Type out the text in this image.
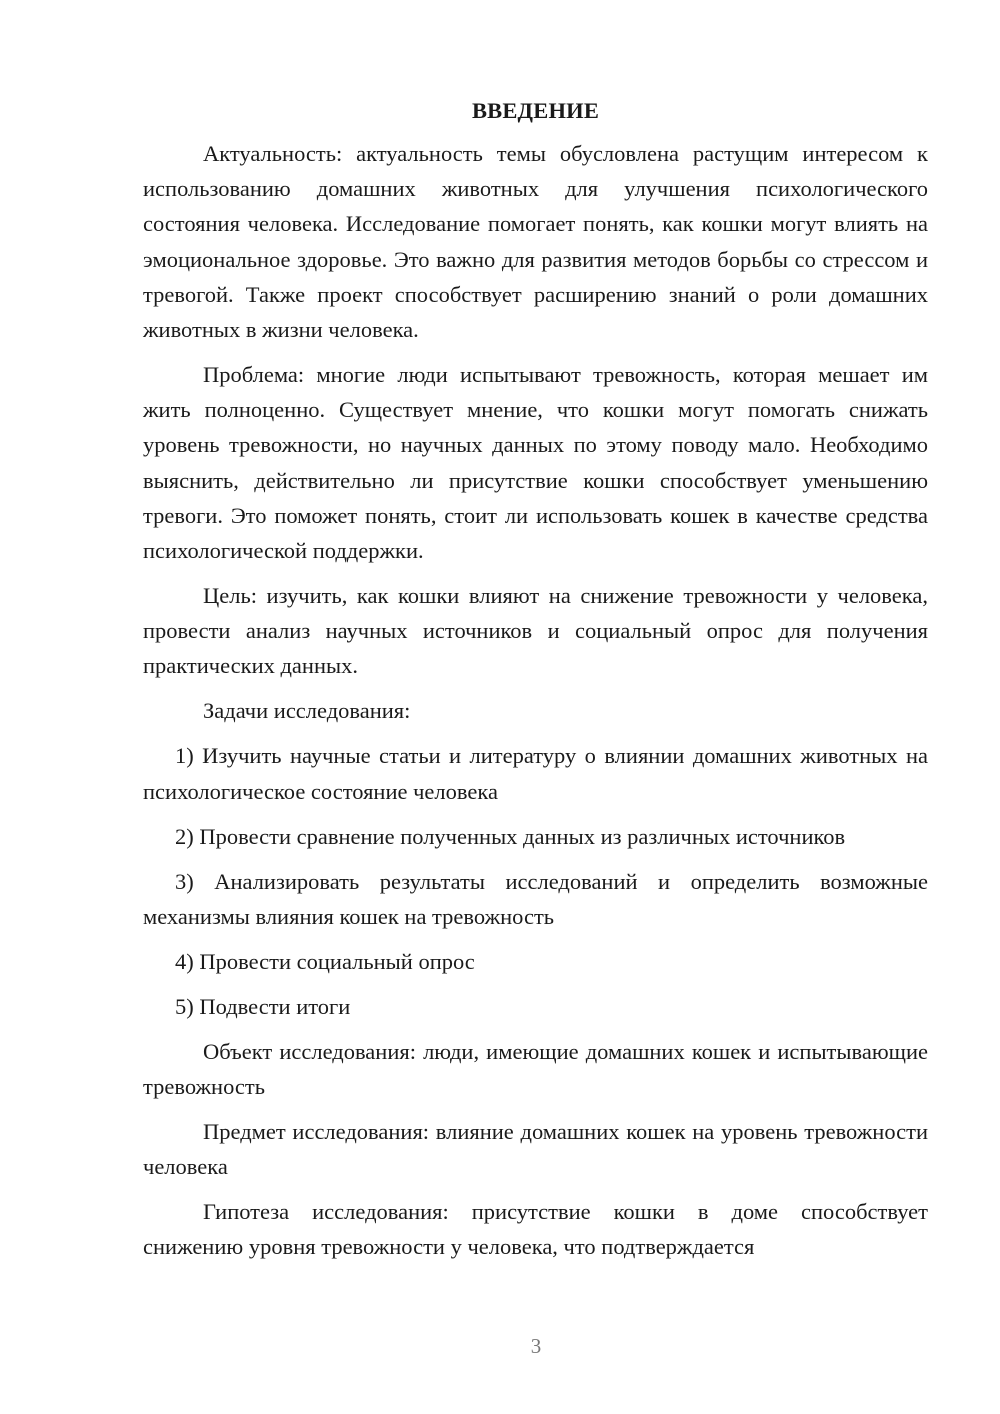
ВВЕДЕНИЕ

Актуальность: актуальность темы обусловлена растущим интересом к использованию домашних животных для улучшения психологического состояния человека. Исследование помогает понять, как кошки могут влиять на эмоциональное здоровье. Это важно для развития методов борьбы со стрессом и тревогой. Также проект способствует расширению знаний о роли домашних животных в жизни человека.

Проблема: многие люди испытывают тревожность, которая мешает им жить полноценно. Существует мнение, что кошки могут помогать снижать уровень тревожности, но научных данных по этому поводу мало. Необходимо выяснить, действительно ли присутствие кошки способствует уменьшению тревоги. Это поможет понять, стоит ли использовать кошек в качестве средства психологической поддержки.

Цель: изучить, как кошки влияют на снижение тревожности у человека, провести анализ научных источников и социальный опрос для получения практических данных.

Задачи исследования:

1) Изучить научные статьи и литературу о влиянии домашних животных на психологическое состояние человека

2) Провести сравнение полученных данных из различных источников

3) Анализировать результаты исследований и определить возможные механизмы влияния кошек на тревожность

4) Провести социальный опрос

5) Подвести итоги

Объект исследования: люди, имеющие домашних кошек и испытывающие тревожность

Предмет исследования: влияние домашних кошек на уровень тревожности человека

Гипотеза исследования: присутствие кошки в доме способствует снижению уровня тревожности у человека, что подтверждается

3
